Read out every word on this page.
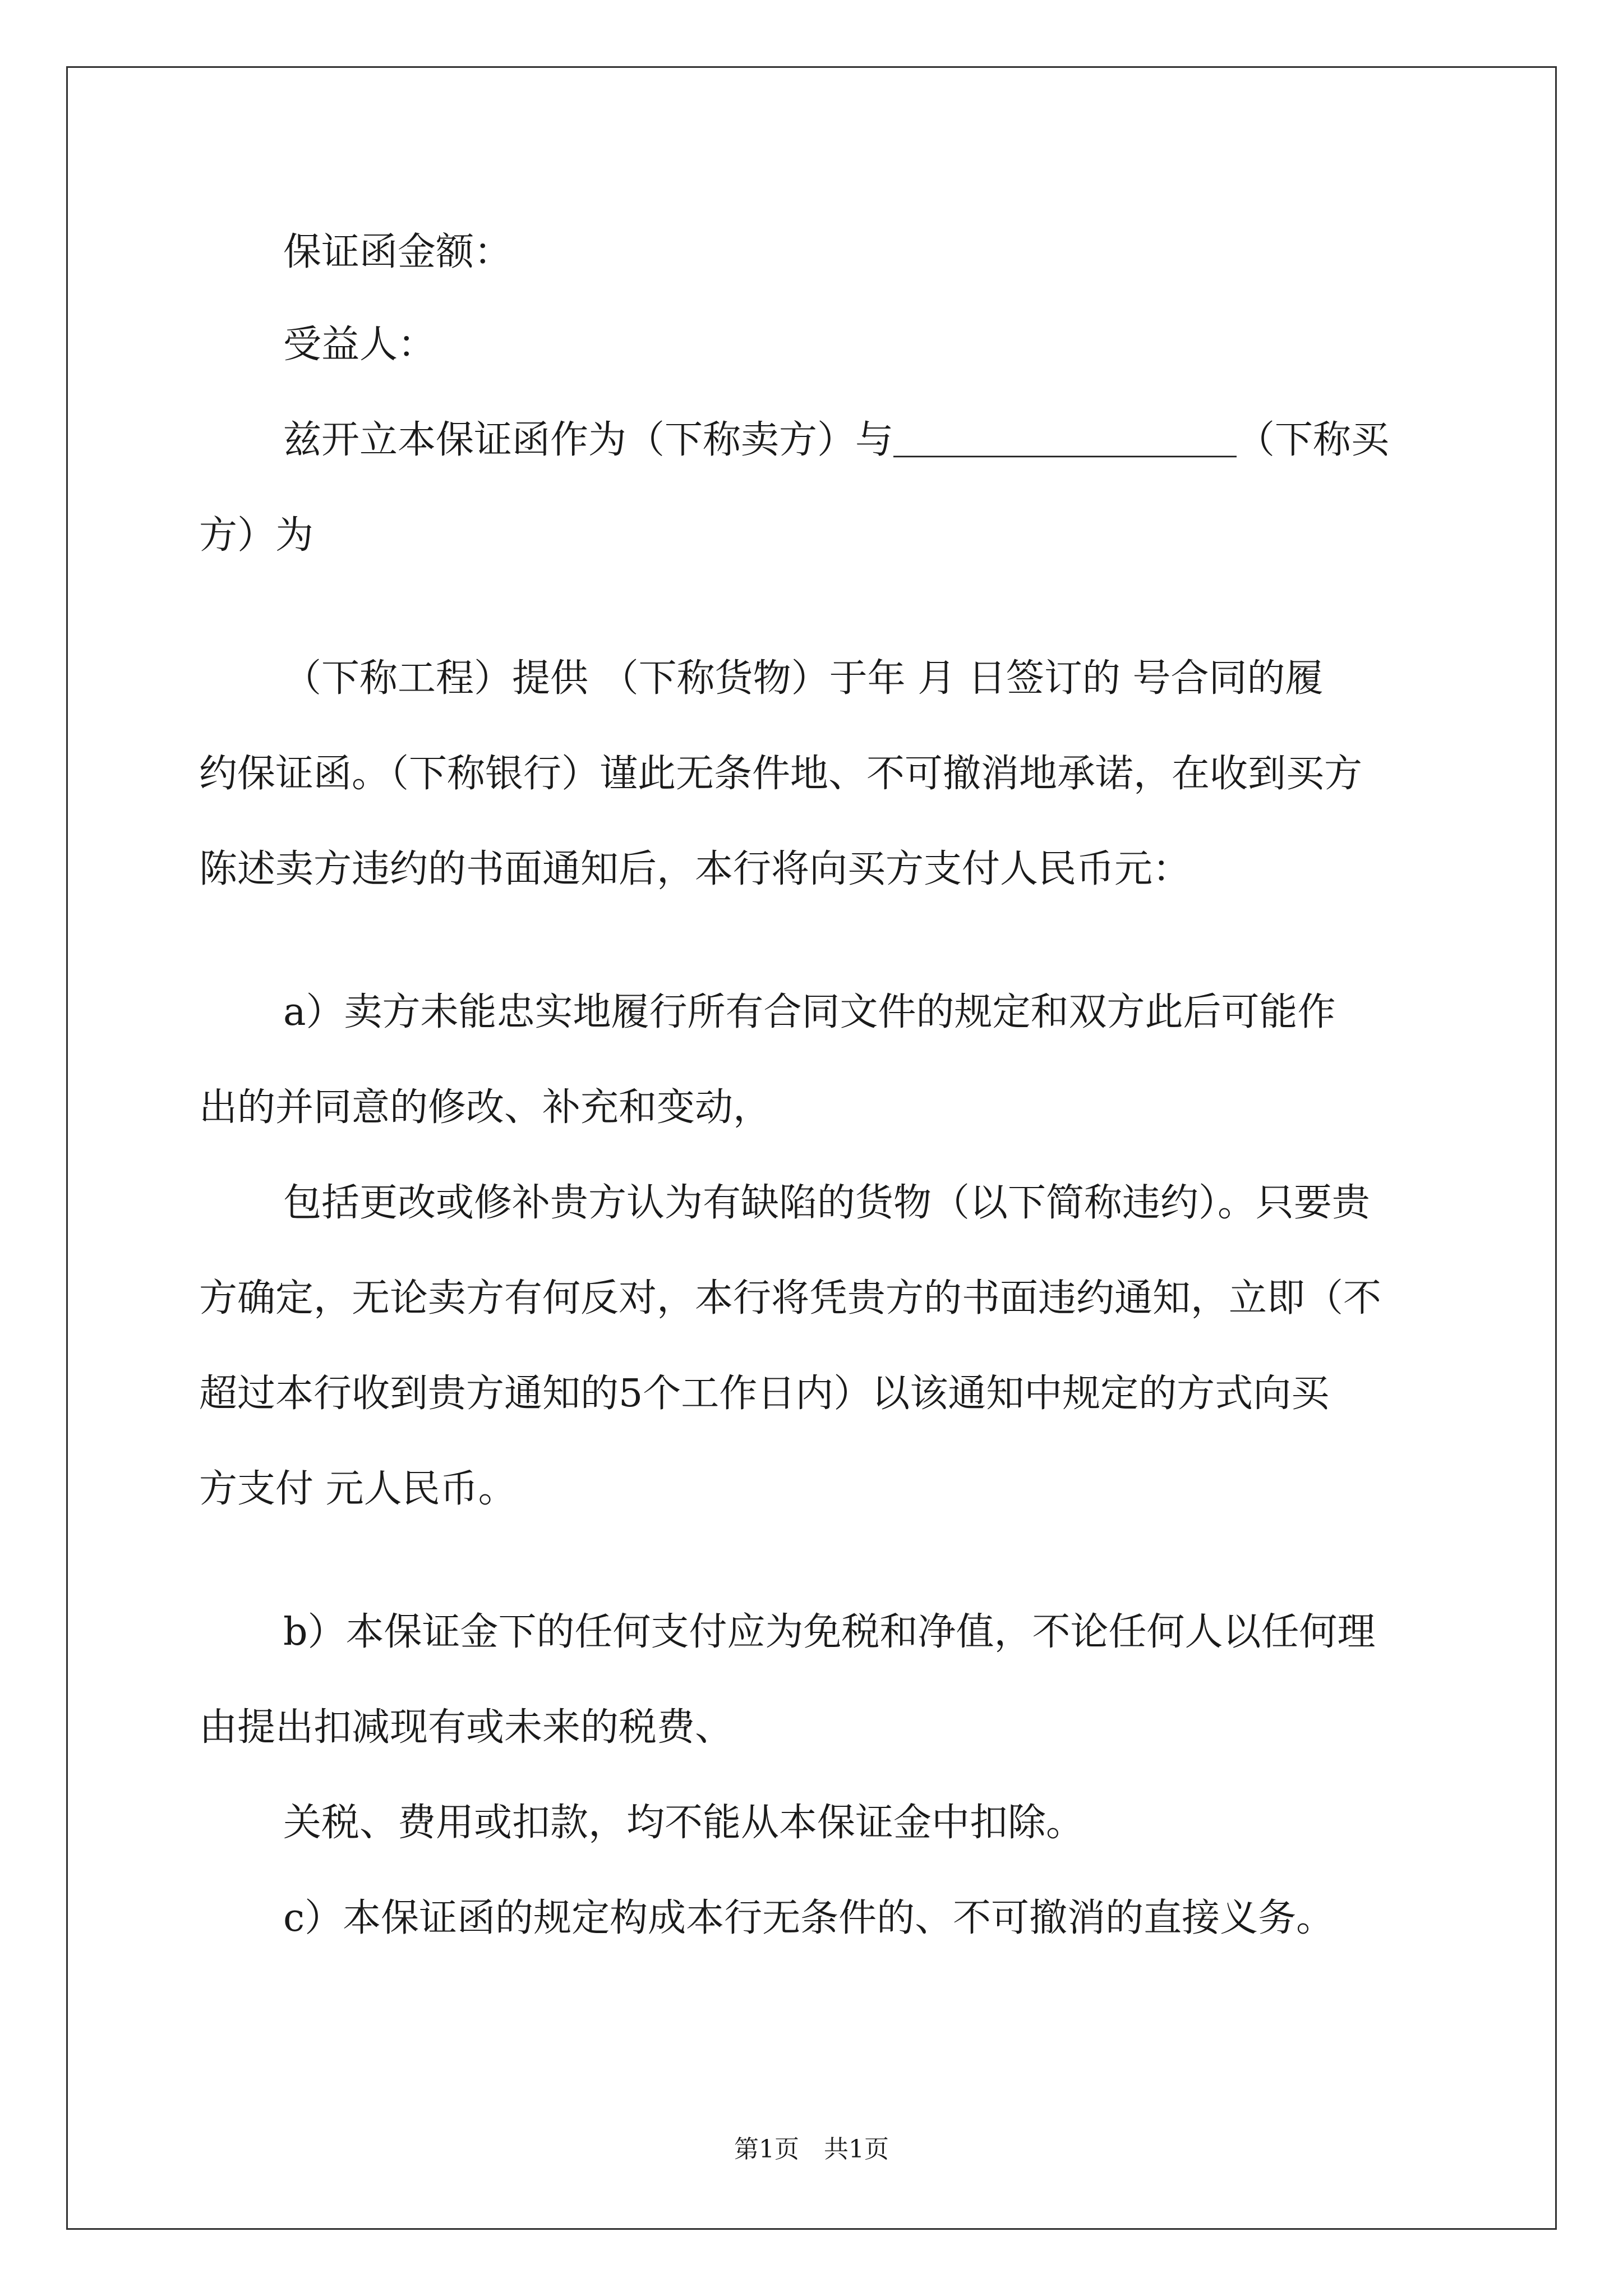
保证函金额：
受益人：
兹开立本保证函作为（下称卖方）与＿＿＿＿＿＿＿＿＿（下称买
方）为
（下称工程）提供 （下称货物）于年 月 日签订的 号合同的履
约保证函。（下称银行）谨此无条件地、不可撤消地承诺，在收到买方
陈述卖方违约的书面通知后，本行将向买方支付人民币元：
a）卖方未能忠实地履行所有合同文件的规定和双方此后可能作
出的并同意的修改、补充和变动，
包括更改或修补贵方认为有缺陷的货物（以下简称违约）。只要贵
方确定，无论卖方有何反对，本行将凭贵方的书面违约通知，立即（不
超过本行收到贵方通知的5个工作日内）以该通知中规定的方式向买
方支付 元人民币。
b）本保证金下的任何支付应为免税和净值，不论任何人以任何理
由提出扣减现有或未来的税费、
关税、费用或扣款，均不能从本保证金中扣除。
c）本保证函的规定构成本行无条件的、不可撤消的直接义务。
第1页　共1页
